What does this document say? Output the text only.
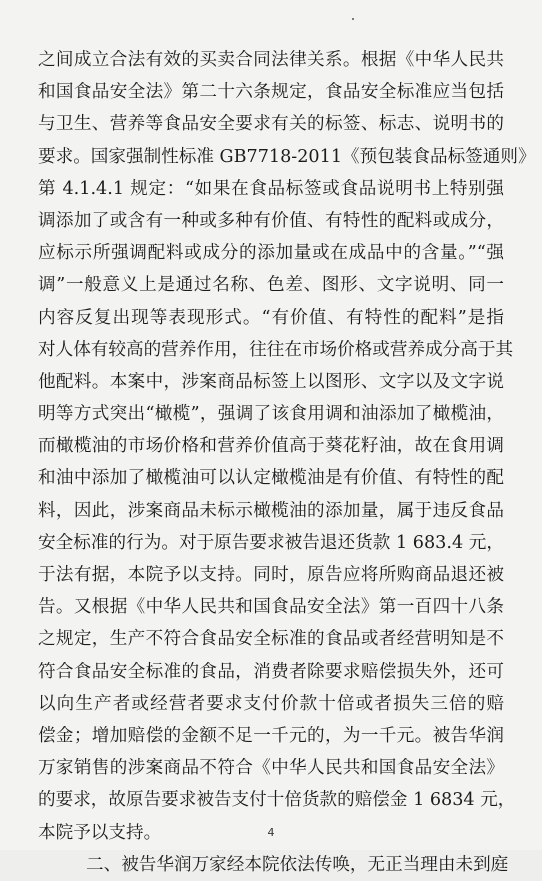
之间成立合法有效的买卖合同法律关系。根据《中华人民共
和国食品安全法》第二十六条规定，食品安全标准应当包括
与卫生、营养等食品安全要求有关的标签、标志、说明书的
要求。国家强制性标准 GB7718-2011《预包装食品标签通则》
第 4.1.4.1 规定：“如果在食品标签或食品说明书上特别强
调添加了或含有一种或多种有价值、有特性的配料或成分，
应标示所强调配料或成分的添加量或在成品中的含量。”“强
调”一般意义上是通过名称、色差、图形、文字说明、同一
内容反复出现等表现形式。“有价值、有特性的配料”是指
对人体有较高的营养作用，往往在市场价格或营养成分高于其
他配料。本案中，涉案商品标签上以图形、文字以及文字说
明等方式突出“橄榄”，强调了该食用调和油添加了橄榄油，
而橄榄油的市场价格和营养价值高于葵花籽油，故在食用调
和油中添加了橄榄油可以认定橄榄油是有价值、有特性的配
料，因此，涉案商品未标示橄榄油的添加量，属于违反食品
安全标准的行为。对于原告要求被告退还货款 1 683.4 元，
于法有据，本院予以支持。同时，原告应将所购商品退还被
告。又根据《中华人民共和国食品安全法》第一百四十八条
之规定，生产不符合食品安全标准的食品或者经营明知是不
符合食品安全标准的食品，消费者除要求赔偿损失外，还可
以向生产者或经营者要求支付价款十倍或者损失三倍的赔
偿金；增加赔偿的金额不足一千元的，为一千元。被告华润
万家销售的涉案商品不符合《中华人民共和国食品安全法》
的要求，故原告要求被告支付十倍货款的赔偿金 1 6834 元，
本院予以支持。
二、被告华润万家经本院依法传唤，无正当理由未到庭
4
